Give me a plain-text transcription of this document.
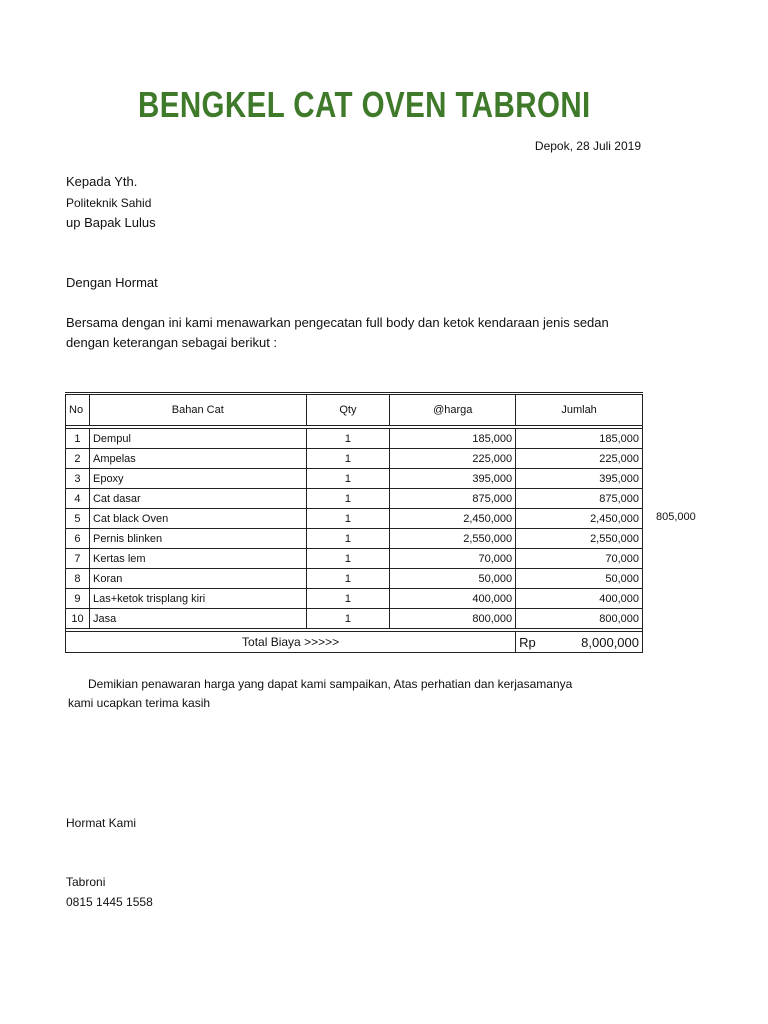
BENGKEL CAT OVEN TABRONI
Depok, 28 Juli 2019
Kepada Yth.
Politeknik Sahid
up Bapak Lulus
Dengan Hormat
Bersama dengan ini kami menawarkan pengecatan full body dan ketok kendaraan jenis sedan
dengan keterangan sebagai berikut :
No	Bahan Cat	Qty	@harga	Jumlah

1	Dempul	1	185,000	185,000
2	Ampelas	1	225,000	225,000
3	Epoxy	1	395,000	395,000
4	Cat dasar	1	875,000	875,000
5	Cat black Oven	1	2,450,000	2,450,000
6	Pernis blinken	1	2,550,000	2,550,000
7	Kertas lem	1	70,000	70,000
8	Koran	1	50,000	50,000
9	Las+ketok trisplang kiri	1	400,000	400,000
10	Jasa	1	800,000	800,000

Total Biaya >>>>>				Rp 8,000,000
805,000
Demikian penawaran harga yang dapat kami sampaikan, Atas perhatian dan kerjasamanya
kami ucapkan terima kasih
Hormat Kami
Tabroni
0815 1445 1558
